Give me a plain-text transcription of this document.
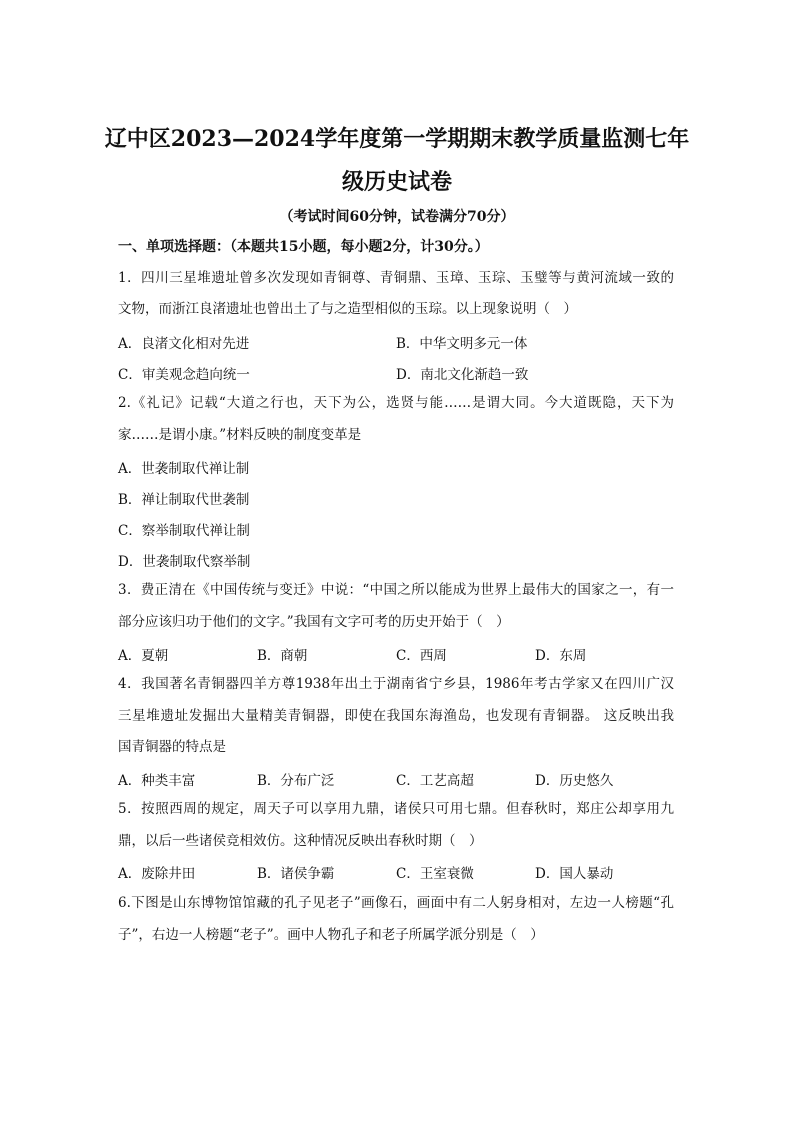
辽中区2023—2024学年度第一学期期末教学质量监测七年
级历史试卷
（考试时间60分钟，试卷满分70分）
一、单项选择题：（本题共15小题，每小题2分，计30分。）
1．四川三星堆遗址曾多次发现如青铜尊、青铜鼎、玉璋、玉琮、玉璧等与黄河流域一致的
文物，而浙江良渚遗址也曾出土了与之造型相似的玉琮。以上现象说明（　）
A．良渚文化相对先进	B．中华文明多元一体
C．审美观念趋向统一	D．南北文化渐趋一致
2.《礼记》记载“大道之行也，天下为公，选贤与能……是谓大同。今大道既隐，天下为
家……是谓小康。”材料反映的制度变革是
A．世袭制取代禅让制
B．禅让制取代世袭制
C．察举制取代禅让制
D．世袭制取代察举制
3．费正清在《中国传统与变迁》中说：“中国之所以能成为世界上最伟大的国家之一，有一
部分应该归功于他们的文字。”我国有文字可考的历史开始于（　）
A．夏朝	B．商朝	C．西周	D．东周
4．我国著名青铜器四羊方尊1938年出土于湖南省宁乡县，1986年考古学家又在四川广汉
三星堆遗址发掘出大量精美青铜器，即使在我国东海渔岛，也发现有青铜器。 这反映出我
国青铜器的特点是
A．种类丰富	B．分布广泛	C．工艺高超	D．历史悠久
5．按照西周的规定，周天子可以享用九鼎，诸侯只可用七鼎。但春秋时，郑庄公却享用九
鼎，以后一些诸侯竞相效仿。这种情况反映出春秋时期（　）
A．废除井田	B．诸侯争霸	C．王室衰微	D．国人暴动
6.下图是山东博物馆馆藏的孔子见老子”画像石，画面中有二人躬身相对，左边一人榜题“孔
子”，右边一人榜题“老子”。画中人物孔子和老子所属学派分别是（　）
